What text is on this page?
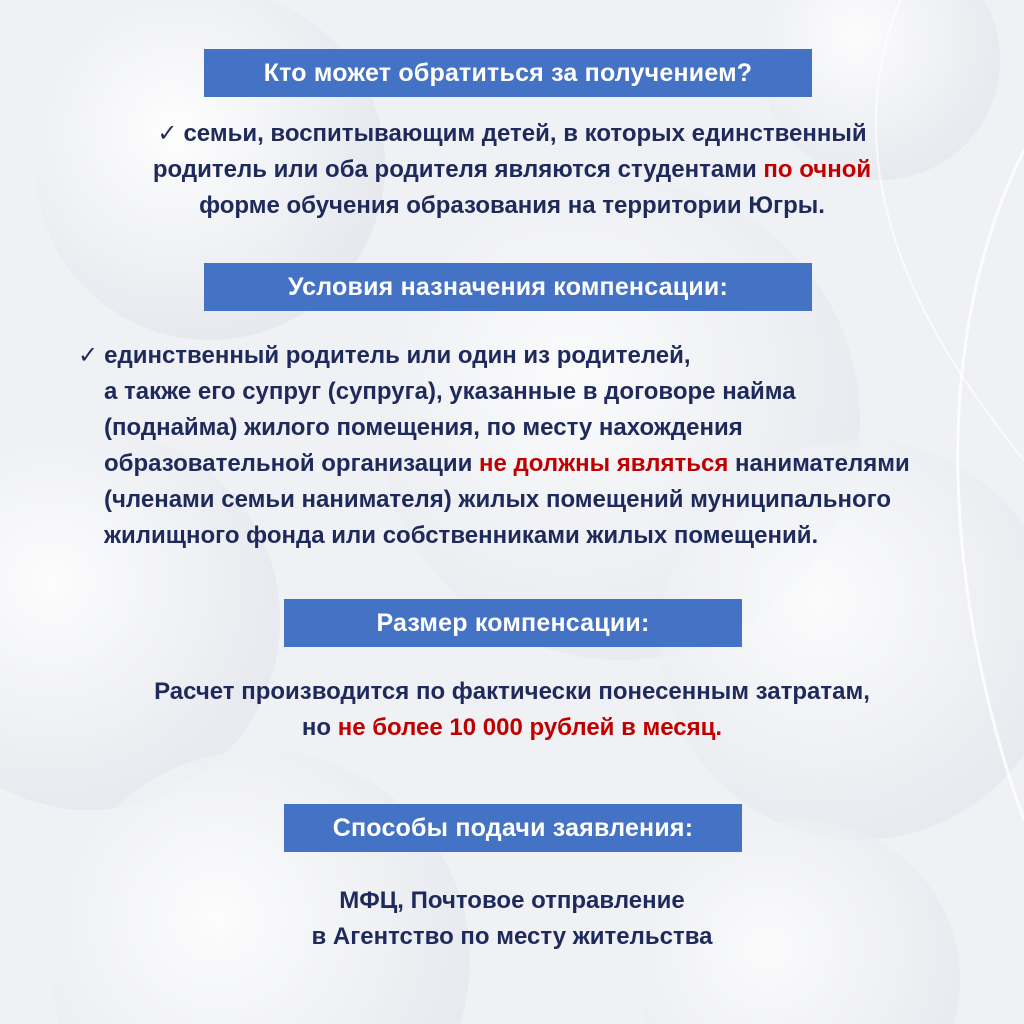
Кто может обратиться за получением?
✓ семьи, воспитывающим детей, в которых единственный
родитель или оба родителя являются студентами по очной
форме обучения образования на территории Югры.
Условия назначения компенсации:
✓ единственный родитель или один из родителей,
а также его супруг (супруга), указанные в договоре найма
(поднайма) жилого помещения, по месту нахождения
образовательной организации не должны являться нанимателями
(членами семьи нанимателя) жилых помещений муниципального
жилищного фонда или собственниками жилых помещений.
Размер компенсации:
Расчет производится по фактически понесенным затратам,
но не более 10 000 рублей в месяц.
Способы подачи заявления:
МФЦ, Почтовое отправление
в Агентство по месту жительства
